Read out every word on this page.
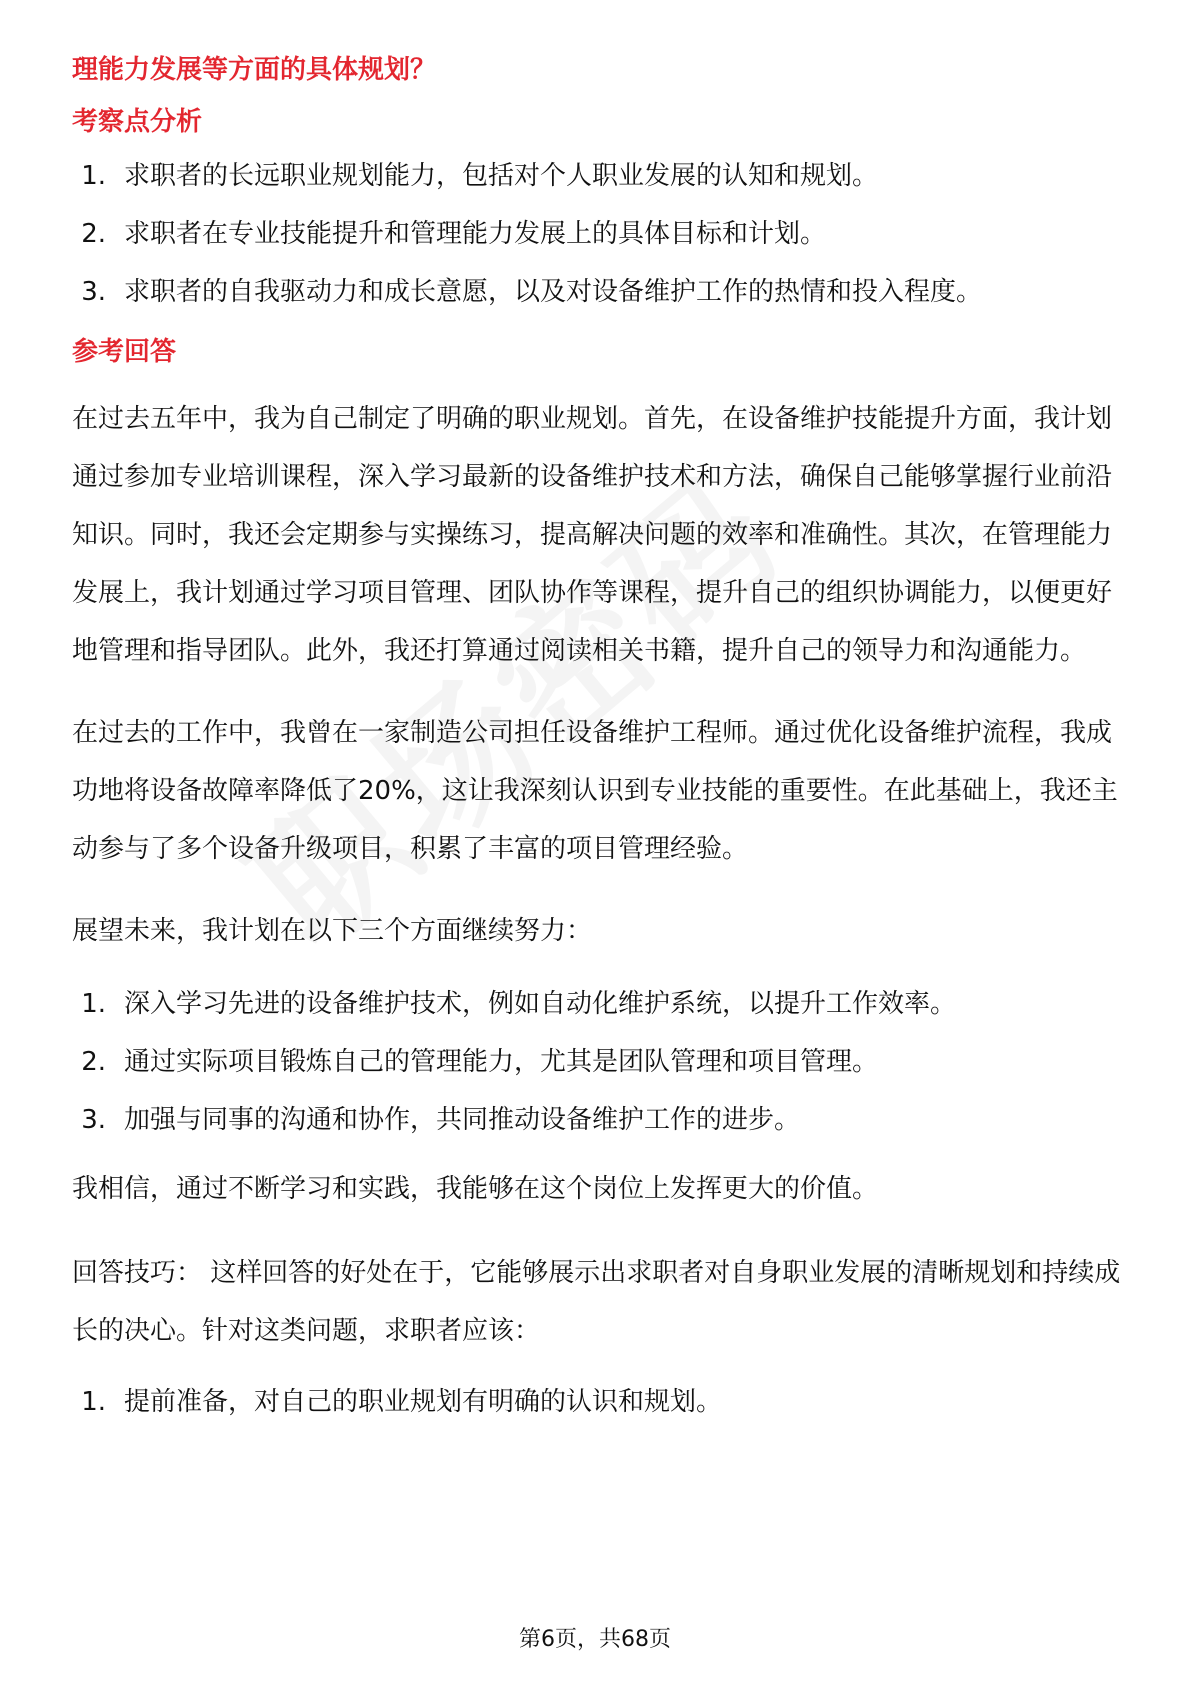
理能力发展等方面的具体规划？
考察点分析
1. 求职者的长远职业规划能力，包括对个人职业发展的认知和规划。
2. 求职者在专业技能提升和管理能力发展上的具体目标和计划。
3. 求职者的自我驱动力和成长意愿，以及对设备维护工作的热情和投入程度。
参考回答

在过去五年中，我为自己制定了明确的职业规划。首先，在设备维护技能提升方面，我计划通过参加专业培训课程，深入学习最新的设备维护技术和方法，确保自己能够掌握行业前沿知识。同时，我还会定期参与实操练习，提高解决问题的效率和准确性。其次，在管理能力发展上，我计划通过学习项目管理、团队协作等课程，提升自己的组织协调能力，以便更好地管理和指导团队。此外，我还打算通过阅读相关书籍，提升自己的领导力和沟通能力。

在过去的工作中，我曾在一家制造公司担任设备维护工程师。通过优化设备维护流程，我成功地将设备故障率降低了20%，这让我深刻认识到专业技能的重要性。在此基础上，我还主动参与了多个设备升级项目，积累了丰富的项目管理经验。

展望未来，我计划在以下三个方面继续努力：

1. 深入学习先进的设备维护技术，例如自动化维护系统，以提升工作效率。
2. 通过实际项目锻炼自己的管理能力，尤其是团队管理和项目管理。
3. 加强与同事的沟通和协作，共同推动设备维护工作的进步。

我相信，通过不断学习和实践，我能够在这个岗位上发挥更大的价值。

回答技巧： 这样回答的好处在于，它能够展示出求职者对自身职业发展的清晰规划和持续成长的决心。针对这类问题，求职者应该：

1. 提前准备，对自己的职业规划有明确的认识和规划。
第6页，共68页
